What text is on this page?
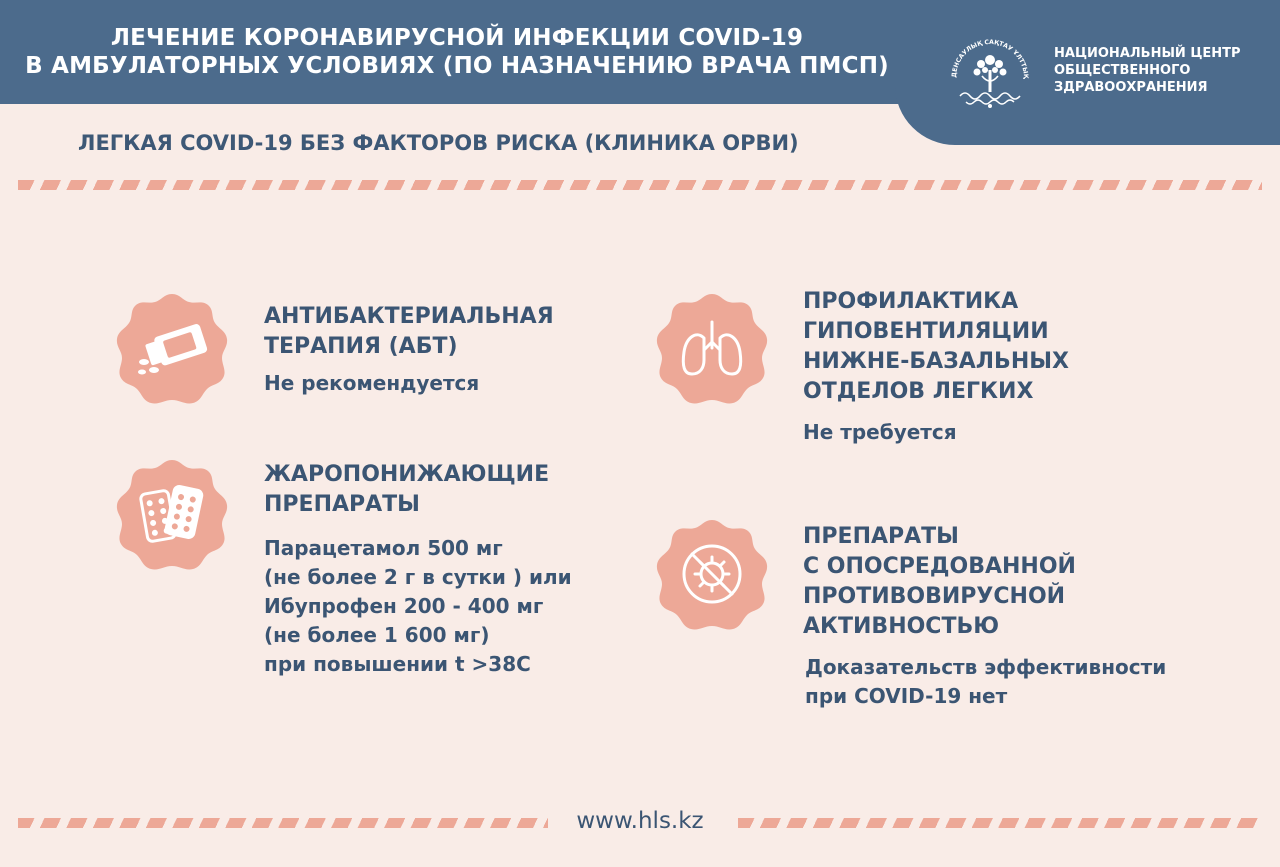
ЛЕЧЕНИЕ КОРОНАВИРУСНОЙ ИНФЕКЦИИ COVID-19
В АМБУЛАТОРНЫХ УСЛОВИЯХ (ПО НАЗНАЧЕНИЮ ВРАЧА ПМСП)	ДЕНСАУЛЫҚ САҚТАУ ҰЛТТЫҚ
НАЦИОНАЛЬНЫЙ ЦЕНТР
ОБЩЕСТВЕННОГО
ЗДРАВООХРАНЕНИЯ
ЛЕГКАЯ COVID-19 БЕЗ ФАКТОРОВ РИСКА (КЛИНИКА ОРВИ)
АНТИБАКТЕРИАЛЬНАЯ
ТЕРАПИЯ (АБТ)
Не рекомендуется
ЖАРОПОНИЖАЮЩИЕ
ПРЕПАРАТЫ
Парацетамол 500 мг
(не более 2 г в сутки ) или
Ибупрофен 200 - 400 мг
(не более 1 600 мг)
при повышении t >38С
ПРОФИЛАКТИКА
ГИПОВЕНТИЛЯЦИИ
НИЖНЕ-БАЗАЛЬНЫХ
ОТДЕЛОВ ЛЕГКИХ
Не требуется
ПРЕПАРАТЫ
С ОПОСРЕДОВАННОЙ
ПРОТИВОВИРУСНОЙ
АКТИВНОСТЬЮ
Доказательств эффективности
при COVID-19 нет
www.hls.kz
